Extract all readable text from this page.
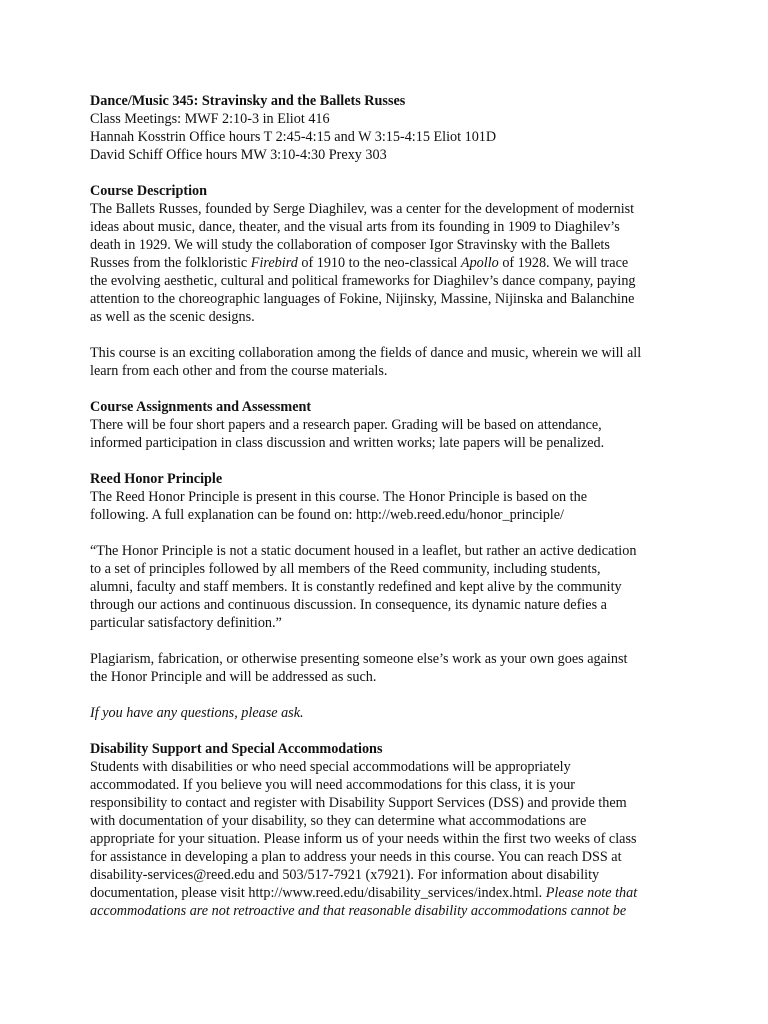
Dance/Music 345: Stravinsky and the Ballets Russes
Class Meetings: MWF 2:10-3 in Eliot 416
Hannah Kosstrin Office hours T 2:45-4:15 and W 3:15-4:15 Eliot 101D
David Schiff Office hours MW 3:10-4:30 Prexy 303
Course Description
The Ballets Russes, founded by Serge Diaghilev, was a center for the development of modernist
ideas about music, dance, theater, and the visual arts from its founding in 1909 to Diaghilev’s
death in 1929. We will study the collaboration of composer Igor Stravinsky with the Ballets
Russes from the folkloristic Firebird of 1910 to the neo-classical Apollo of 1928. We will trace
the evolving aesthetic, cultural and political frameworks for Diaghilev’s dance company, paying
attention to the choreographic languages of Fokine, Nijinsky, Massine, Nijinska and Balanchine
as well as the scenic designs.
This course is an exciting collaboration among the fields of dance and music, wherein we will all
learn from each other and from the course materials.
Course Assignments and Assessment
There will be four short papers and a research paper. Grading will be based on attendance,
informed participation in class discussion and written works; late papers will be penalized.
Reed Honor Principle
The Reed Honor Principle is present in this course. The Honor Principle is based on the
following. A full explanation can be found on: http://web.reed.edu/honor_principle/
“The Honor Principle is not a static document housed in a leaflet, but rather an active dedication
to a set of principles followed by all members of the Reed community, including students,
alumni, faculty and staff members. It is constantly redefined and kept alive by the community
through our actions and continuous discussion. In consequence, its dynamic nature defies a
particular satisfactory definition.”
Plagiarism, fabrication, or otherwise presenting someone else’s work as your own goes against
the Honor Principle and will be addressed as such.
If you have any questions, please ask.
Disability Support and Special Accommodations
Students with disabilities or who need special accommodations will be appropriately
accommodated. If you believe you will need accommodations for this class, it is your
responsibility to contact and register with Disability Support Services (DSS) and provide them
with documentation of your disability, so they can determine what accommodations are
appropriate for your situation. Please inform us of your needs within the first two weeks of class
for assistance in developing a plan to address your needs in this course. You can reach DSS at
disability-services@reed.edu and 503/517-7921 (x7921). For information about disability
documentation, please visit http://www.reed.edu/disability_services/index.html. Please note that
accommodations are not retroactive and that reasonable disability accommodations cannot be
